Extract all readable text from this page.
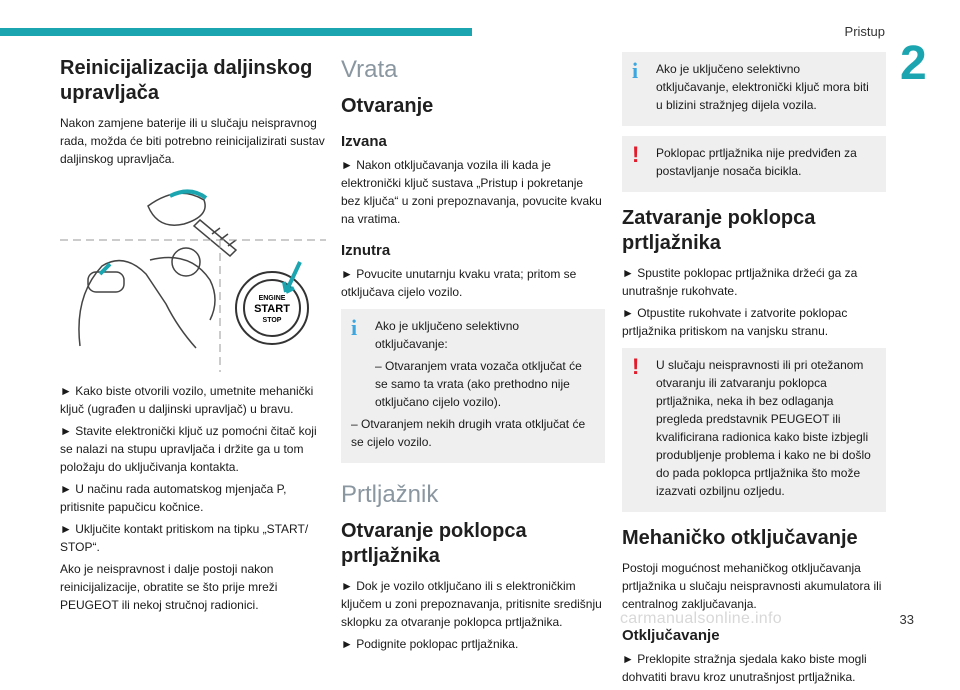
Pristup
2
Reinicijalizacija daljinskog upravljača

Nakon zamjene baterije ili u slučaju neispravnog rada, možda će biti potrebno reinicijalizirati sustav daljinskog upravljača.

ENGINE
START
STOP

► Kako biste otvorili vozilo, umetnite mehanički ključ (ugrađen u daljinski upravljač) u bravu.

► Stavite elektronički ključ uz pomoćni čitač koji se nalazi na stupu upravljača i držite ga u tom položaju do uključivanja kontakta.

► U načinu rada automatskog mjenjača P, pritisnite papučicu kočnice.

► Uključite kontakt pritiskom na tipku „START/ STOP“.

Ako je neispravnost i dalje postoji nakon reinicijalizacije, obratite se što prije mreži PEUGEOT ili nekoj stručnoj radionici.

Vrata
Otvaranje
Izvana

► Nakon otključavanja vozila ili kada je elektronički ključ sustava „Pristup i pokretanje bez ključa“ u zoni prepoznavanja, povucite kvaku na vratima.

Iznutra

► Povucite unutarnju kvaku vrata; pritom se otključava cijelo vozilo.

i	Ako je uključeno selektivno otključavanje:

– Otvaranjem vrata vozača otključat će se samo ta vrata (ako prethodno nije otključano cijelo vozilo).

– Otvaranjem nekih drugih vrata otključat će se cijelo vozilo.

Prtljažnik
Otvaranje poklopca prtljažnika

► Dok je vozilo otključano ili s elektroničkim ključem u zoni prepoznavanja, pritisnite središnju sklopku za otvaranje poklopca prtljažnika.

► Podignite poklopac prtljažnika.

i	Ako je uključeno selektivno otključavanje, elektronički ključ mora biti u blizini stražnjeg dijela vozila.

!	Poklopac prtljažnika nije predviđen za postavljanje nosača bicikla.

Zatvaranje poklopca prtljažnika

► Spustite poklopac prtljažnika držeći ga za unutrašnje rukohvate.

► Otpustite rukohvate i zatvorite poklopac prtljažnika pritiskom na vanjsku stranu.

!	U slučaju neispravnosti ili pri otežanom otvaranju ili zatvaranju poklopca prtljažnika, neka ih bez odlaganja pregleda predstavnik PEUGEOT ili kvalificirana radionica kako biste izbjegli produbljenje problema i kako ne bi došlo do pada poklopca prtljažnika što može izazvati ozbiljnu ozljedu.

Mehaničko otključavanje

Postoji mogućnost mehaničkog otključavanja prtljažnika u slučaju neispravnosti akumulatora ili centralnog zaključavanja.

Otključavanje

► Preklopite stražnja sjedala kako biste mogli dohvatiti bravu kroz unutrašnjost prtljažnika.

carmanualsonline.info	33
